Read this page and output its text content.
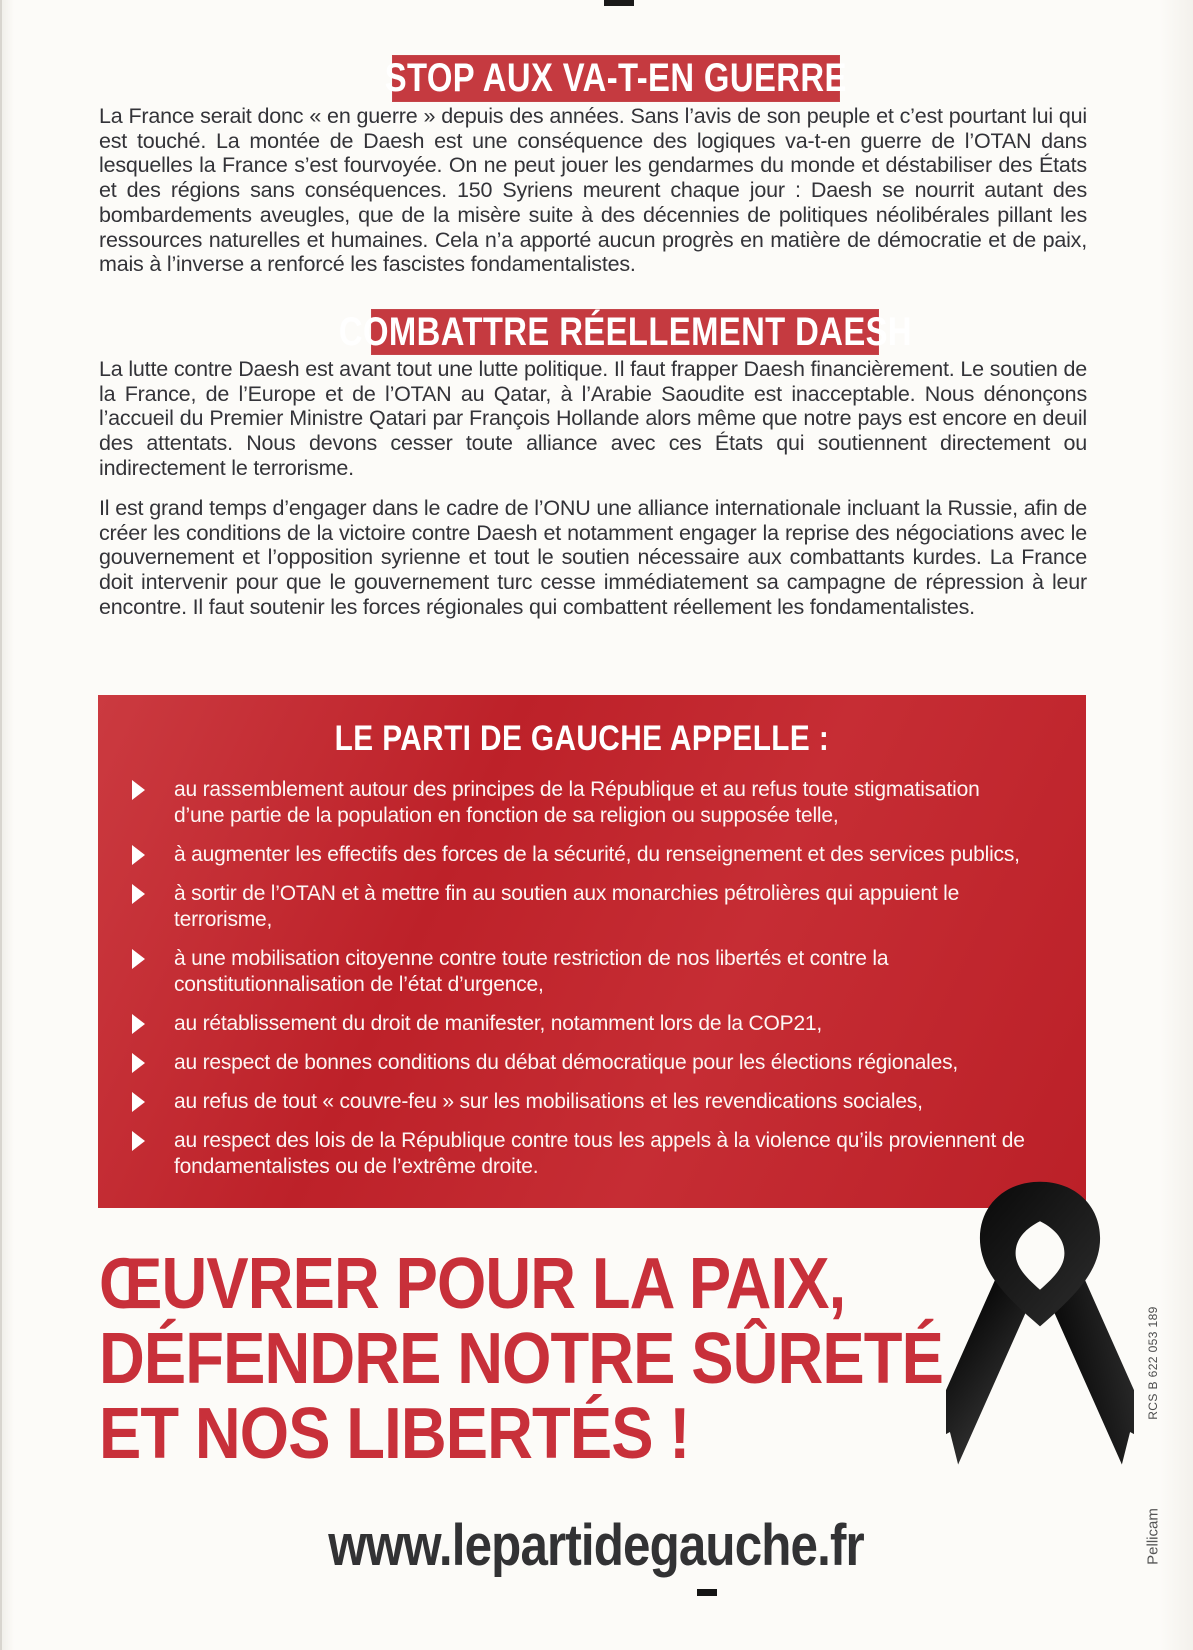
STOP AUX VA-T-EN GUERRE

La France serait donc « en guerre » depuis des années. Sans l’avis de son peuple et c’est pourtant lui qui est touché. La montée de Daesh est une conséquence des logiques va-t-en guerre de l’OTAN dans lesquelles la France s’est fourvoyée. On ne peut jouer les gendarmes du monde et déstabiliser des États et des régions sans conséquences. 150 Syriens meurent chaque jour : Daesh se nourrit autant des bombardements aveugles, que de la misère suite à des décennies de politiques néolibérales pillant les ressources naturelles et humaines. Cela n’a apporté aucun progrès en matière de démocratie et de paix, mais à l’inverse a renforcé les fascistes fondamentalistes.

COMBATTRE RÉELLEMENT DAESH

La lutte contre Daesh est avant tout une lutte politique. Il faut frapper Daesh financièrement. Le soutien de la France, de l’Europe et de l’OTAN au Qatar, à l’Arabie Saoudite est inacceptable. Nous dénonçons l’accueil du Premier Ministre Qatari par François Hollande alors même que notre pays est encore en deuil des attentats. Nous devons cesser toute alliance avec ces États qui soutiennent directement ou indirectement le terrorisme.

Il est grand temps d’engager dans le cadre de l’ONU une alliance internationale incluant la Russie, afin de créer les conditions de la victoire contre Daesh et notamment engager la reprise des négociations avec le gouvernement et l’opposition syrienne et tout le soutien nécessaire aux combattants kurdes. La France doit intervenir pour que le gouvernement turc cesse immédiatement sa campagne de répression à leur encontre. Il faut soutenir les forces régionales qui combattent réellement les fondamentalistes.

LE PARTI DE GAUCHE APPELLE :
au rassemblement autour des principes de la République et au refus toute stigmatisation d’une partie de la population en fonction de sa religion ou supposée telle,
à augmenter les effectifs des forces de la sécurité, du renseignement et des services publics,
à sortir de l’OTAN et à mettre fin au soutien aux monarchies pétrolières qui appuient le terrorisme,
à une mobilisation citoyenne contre toute restriction de nos libertés et contre la constitutionnalisation de l’état d’urgence,
au rétablissement du droit de manifester, notamment lors de la COP21,
au respect de bonnes conditions du débat démocratique pour les élections régionales,
au refus de tout « couvre-feu » sur les mobilisations et les revendications sociales,
au respect des lois de la République contre tous les appels à la violence qu’ils proviennent de fondamentalistes ou de l’extrême droite.
ŒUVRER POUR LA PAIX,
DÉFENDRE NOTRE SÛRETÉ
ET NOS LIBERTÉS !
www.lepartidegauche.fr
RCS B 622 053 189
Pellicam
